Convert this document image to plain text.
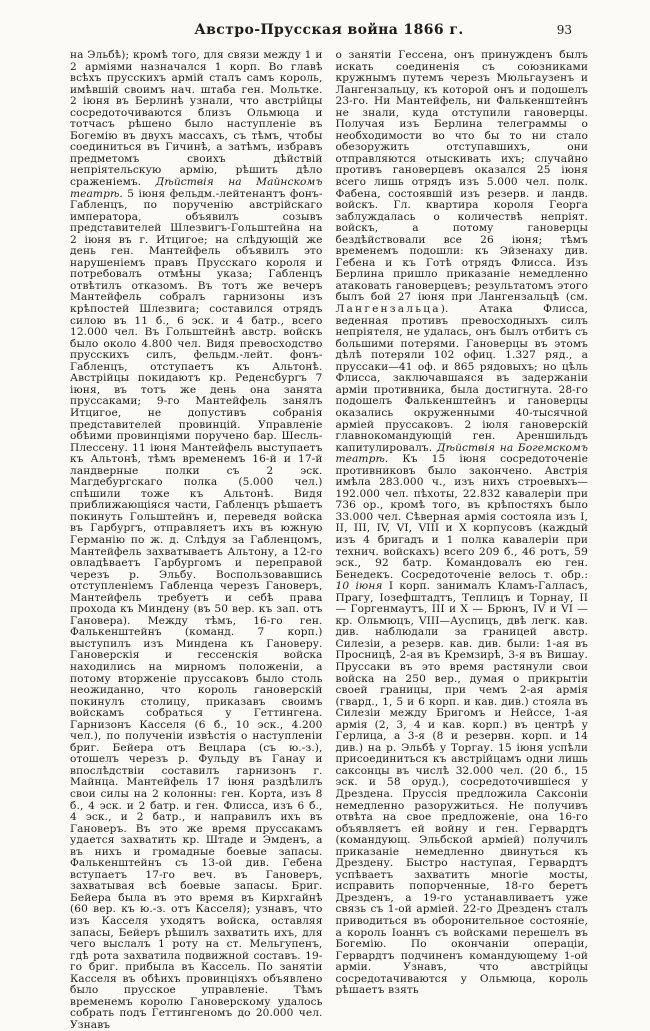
Австро-Прусская война 1866 г.	93
на Эльбѣ); кромѣ того, для связи между 1 и 2 арміями назначался 1 корп. Во главѣ всѣхъ прусскихъ армій сталъ самъ король, имѣвшій своимъ нач. штаба ген. Мольтке. 2 іюня въ Берлинѣ узнали, что австрійцы сосредоточиваются близъ Ольмюца и тотчасъ рѣшено было наступленіе въ Богемію въ двухъ массахъ, съ тѣмъ, чтобы соединиться въ Гичинѣ, а затѣмъ, избравъ предметомъ своихъ дѣйствій непріятельскую армію, рѣшить дѣло сраженіемъ. Дѣйствія на Майнскомъ театрѣ. 5 іюня фельдм.-лейтенантъ фонъ-Габленцъ, по порученію австрійскаго императора, объявилъ созывъ представителей Шлезвигъ-Гольштейна на 2 іюня въ г. Итцигое; на слѣдующій же день ген. Мантейфель объявилъ это нарушеніемъ правъ Прусскаго короля и потребовалъ отмѣны указа; Габленцъ отвѣтилъ отказомъ. Въ тотъ же вечеръ Мантейфель собралъ гарнизоны изъ крѣпостей Шлезвига; составился отрядъ силою въ 11 б., 6 эск. и 4 батр., всего 12.000 чел. Въ Гольштейнѣ австр. войскъ было около 4.800 чел. Видя превосходство прусскихъ силъ, фельдм.-лейт. фонъ-Габленцъ, отступаетъ къ Альтонѣ. Австрійцы покидаютъ кр. Реденсбургъ 7 іюня, въ тотъ же день она занята пруссаками; 9-го Мантейфель занялъ Итцигое, не допустивъ собранія представителей провинцій. Управленіе обѣими провинціями поручено бар. Шесль-Плессену. 11 іюня Мантейфель выступаетъ къ Альтонѣ, тѣмъ временемъ 16-й и 17-й ландверные полки съ 2 эск. Магдебургскаго полка (5.000 чел.) спѣшили тоже къ Альтонѣ. Видя приближающіяся части, Габленцъ рѣшаетъ покинуть Гольштейнъ и, переведя войска въ Гарбургъ, отправляетъ ихъ въ южную Германію по ж. д. Слѣдуя за Габленцомъ, Мантейфель захватываетъ Альтону, а 12-го овладѣваетъ Гарбургомъ и переправой черезъ р. Эльбу. Воспользовавшись отступленіемъ Габленца черезъ Гановеръ, Мантейфель требуетъ и себѣ права прохода къ Миндену (въ 50 вер. къ зап. отъ Гановера). Между тѣмъ, 16-го ген. Фалькенштейнъ (команд. 7 корп.) выступилъ изъ Миндена къ Гановеру. Гановерскія и гессенскія войска находились на мирномъ положеніи, а потому вторженіе пруссаковъ было столь неожиданно, что король гановерскій покинулъ столицу, приказавъ своимъ войскамъ собраться у Геттингена. Гарнизонъ Касселя (6 б., 10 эск., 4.200 чел.), по полученіи извѣстія о наступленіи бриг. Бейера отъ Вецлара (съ ю.-з.), отошелъ черезъ р. Фульду въ Ганау и впослѣдствіи составилъ гарнизонъ г. Майнца. Мантейфель 17 іюня раздѣлилъ свои силы на 2 колонны: ген. Корта, изъ 8 б., 4 эск. и 2 батр. и ген. Флисса, изъ 6 б., 4 эск., и 2 батр., и направилъ ихъ въ Гановеръ. Въ это же время пруссакамъ удается захватить кр. Штаде и Эмденъ, а въ нихъ и громадные боевые запасы. Фалькенштейнъ съ 13-ой див. Гебена вступаетъ 17-го веч. въ Гановеръ, захватывая всѣ боевые запасы. Бриг. Бейера была въ это время въ Кирхгайнѣ (60 вер. къ ю.-з. отъ Касселя); узнавъ, что изъ Касселя уходятъ войска, оставляя запасы, Бейеръ рѣшилъ захватить ихъ, для чего выслалъ 1 роту на ст. Мельгупенъ, гдѣ рота захватила подвижной составъ. 19-го бриг. прибыла въ Кассель. По занятіи Касселя въ обѣихъ провинціяхъ объявлено было прусское управленіе. Тѣмъ временемъ королю Гановерскому удалось собрать подъ Геттингеномъ до 20.000 чел. Узнавъ
о занятіи Гессена, онъ принужденъ былъ искать соединенія съ союзниками кружнымъ путемъ черезъ Мюльгаузенъ и Лангензальцу, къ которой онъ и подошелъ 23-го. Ни Мантейфель, ни Фалькенштейнъ не знали, куда отступили гановерцы. Получая изъ Берлина телеграммы о необходимости во что бы то ни стало обезоружить отступавшихъ, они отправляются отыскивать ихъ; случайно противъ гановерцевъ оказался 25 іюня всего лишь отрядъ изъ 5.000 чел. полк. Фабена, состоявшій изъ резерв. и ландв. войскъ. Гл. квартира короля Георга заблуждалась о количествѣ непріят. войскъ, а потому гановерцы бездѣйствовали все 26 іюня; тѣмъ временемъ подошли: къ Эйзенаху див. Гебена и къ Готѣ отрядъ Флисса. Изъ Берлина пришло приказаніе немедленно атаковать гановерцевъ; результатомъ этого былъ бой 27 іюня при Лангензальцѣ (см. Лангензальца). Атака Флисса, веденная противъ превосходныхъ силъ непріятеля, не удалась, онъ былъ отбитъ съ большими потерями. Гановерцы въ этомъ дѣлѣ потеряли 102 офиц. 1.327 ряд., а пруссаки—41 оф. и 865 рядовыхъ; но цѣль Флисса, заключавшаяся въ задержаніи арміи противника, была достигнута. 28-го подошелъ Фалькенштейнъ и гановерцы оказались окруженными 40-тысячной арміей пруссаковъ. 2 іюля гановерскій главнокомандующій ген. Ареншильдъ капитулировалъ. Дѣйствія на Богемскомъ театрѣ. Къ 15 іюня сосредоточеніе противниковъ было закончено. Австрія имѣла 283.000 ч., изъ нихъ строевыхъ—192.000 чел. пѣхоты, 22.832 кавалеріи при 736 ор., кромѣ того, въ крѣпостяхъ было 33.000 чел. Сѣверная армія состояла изъ I, II, III, IV, VI, VIII и X корпусовъ (каждый изъ 4 бригадъ и 1 полка кавалеріи при технич. войскахъ) всего 209 б., 46 ротъ, 59 эск., 92 батр. Командовалъ ею ген. Бенедекъ. Сосредоточеніе велось т. обр.: 10 іюня I корп. занималъ Кламъ-Галласъ, Прагу, Іозефштадтъ, Теплицъ и Торнау, II — Горгенмаутъ, III и X — Брюнъ, IV и VI — кр. Ольмюцъ, VIII—Ауспицъ, двѣ легк. кав. див. наблюдали за границей австр. Силезіи, а резерв. кав. див. были: 1-ая въ Просницѣ, 2-ая въ Кремзирѣ, 3-я въ Вишау. Пруссаки въ это время растянули свои войска на 250 вер., думая о прикрытіи своей границы, при чемъ 2-ая армія (гвард., 1, 5 и 6 корп. и кав. див.) стояла въ Силезіи между Бригомъ и Нейссе, 1-ая армія (2, 3, 4 и кав. корп.) въ центрѣ у Герлица, а 3-я (8 и резервн. корп. и 14 див.) на р. Эльбѣ у Торгау. 15 іюня успѣли присоединиться къ австрійцамъ одни лишь саксонцы въ числѣ 32.000 чел. (20 б., 15 эск. и 58 оруд.), сосредоточившіеся у Дрездена. Пруссія предложила Саксоніи немедленно разоружиться. Не получивъ отвѣта на свое предложеніе, она 16-го объявляетъ ей войну и ген. Гервардтъ (командующ. Эльбской арміей) получилъ приказаніе немедленно двинуться къ Дрездену. Быстро наступая, Гервардтъ успѣваетъ захватить многіе мосты, исправить попорченные, 18-го беретъ Дрезденъ, а 19-го устанавливаетъ уже связь съ 1-ой арміей. 22-го Дрезденъ сталъ приводиться въ оборонительное состояніе, а король Іоаннъ съ войсками перешелъ въ Богемію. По окончаніи операціи, Гервардтъ подчиненъ командующему 1-ой арміи. Узнавъ, что австрійцы сосредотачиваются у Ольмюца, король рѣшаетъ взять
